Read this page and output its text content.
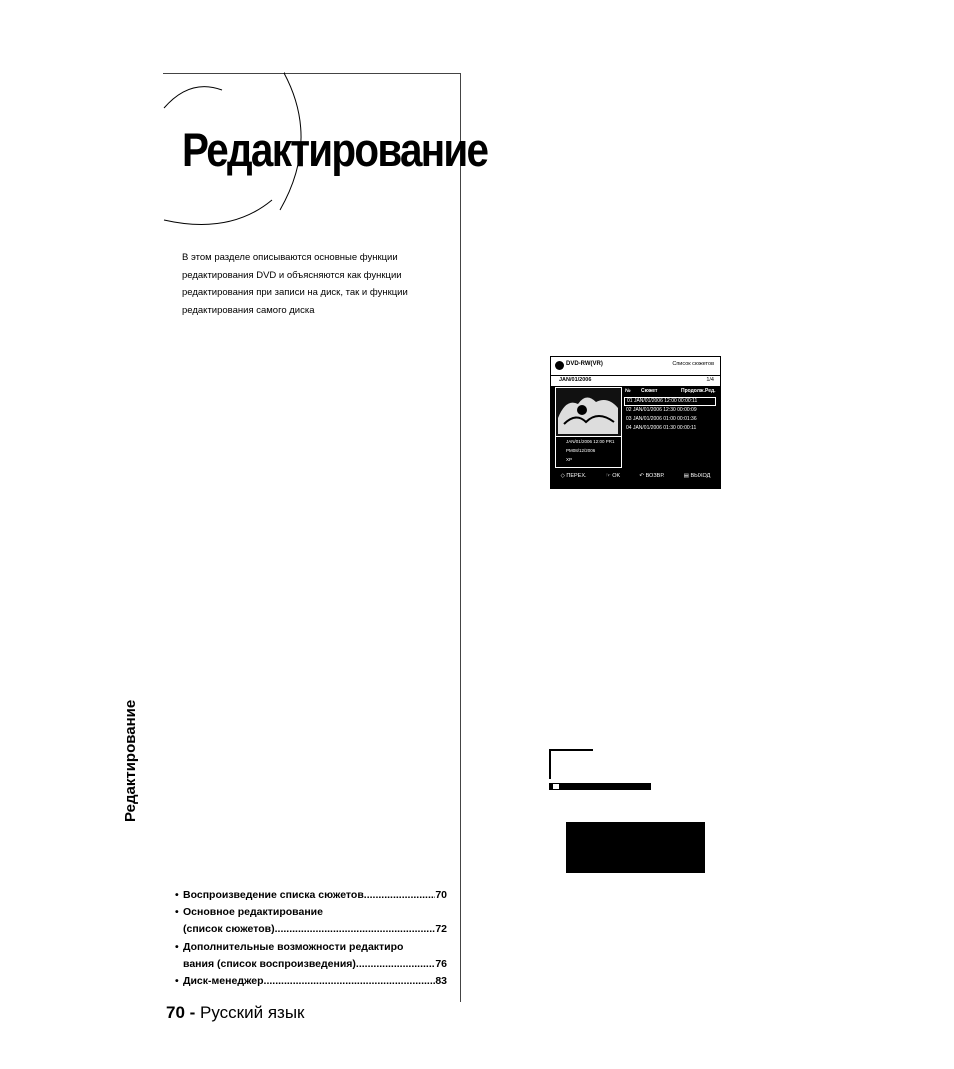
Редактирование
В этом разделе описываются основные функции редактирования DVD и объясняются как функции редактирования при записи на диск, так и функции редактирования самого диска
Редактирование
DVD-RW(VR)	Список сюжетов
JAN/01/2006	1/4
JAN/01/2006 12:00 PR1
PM08/12/2006
XP
№ Сюжет	Продолж. Ред.
01 JAN/01/2006 12:00 00:00:11
02 JAN/01/2006 12:30 00:00:09
03 JAN/01/2006 01:00 00:01:36
04 JAN/01/2006 01:30 00:00:11
◇ ПЕРЕХ.	☞ OK	↶ ВОЗВР.	▤ ВЫХОД
• Воспроизведение списка сюжетов .....	70
• Основное редактирование
(список сюжетов) .....	72
• Дополнительные возможности редактиро
вания (список воспроизведения) .....	76
• Диск-менеджер .....	83
70 - Русский язык
